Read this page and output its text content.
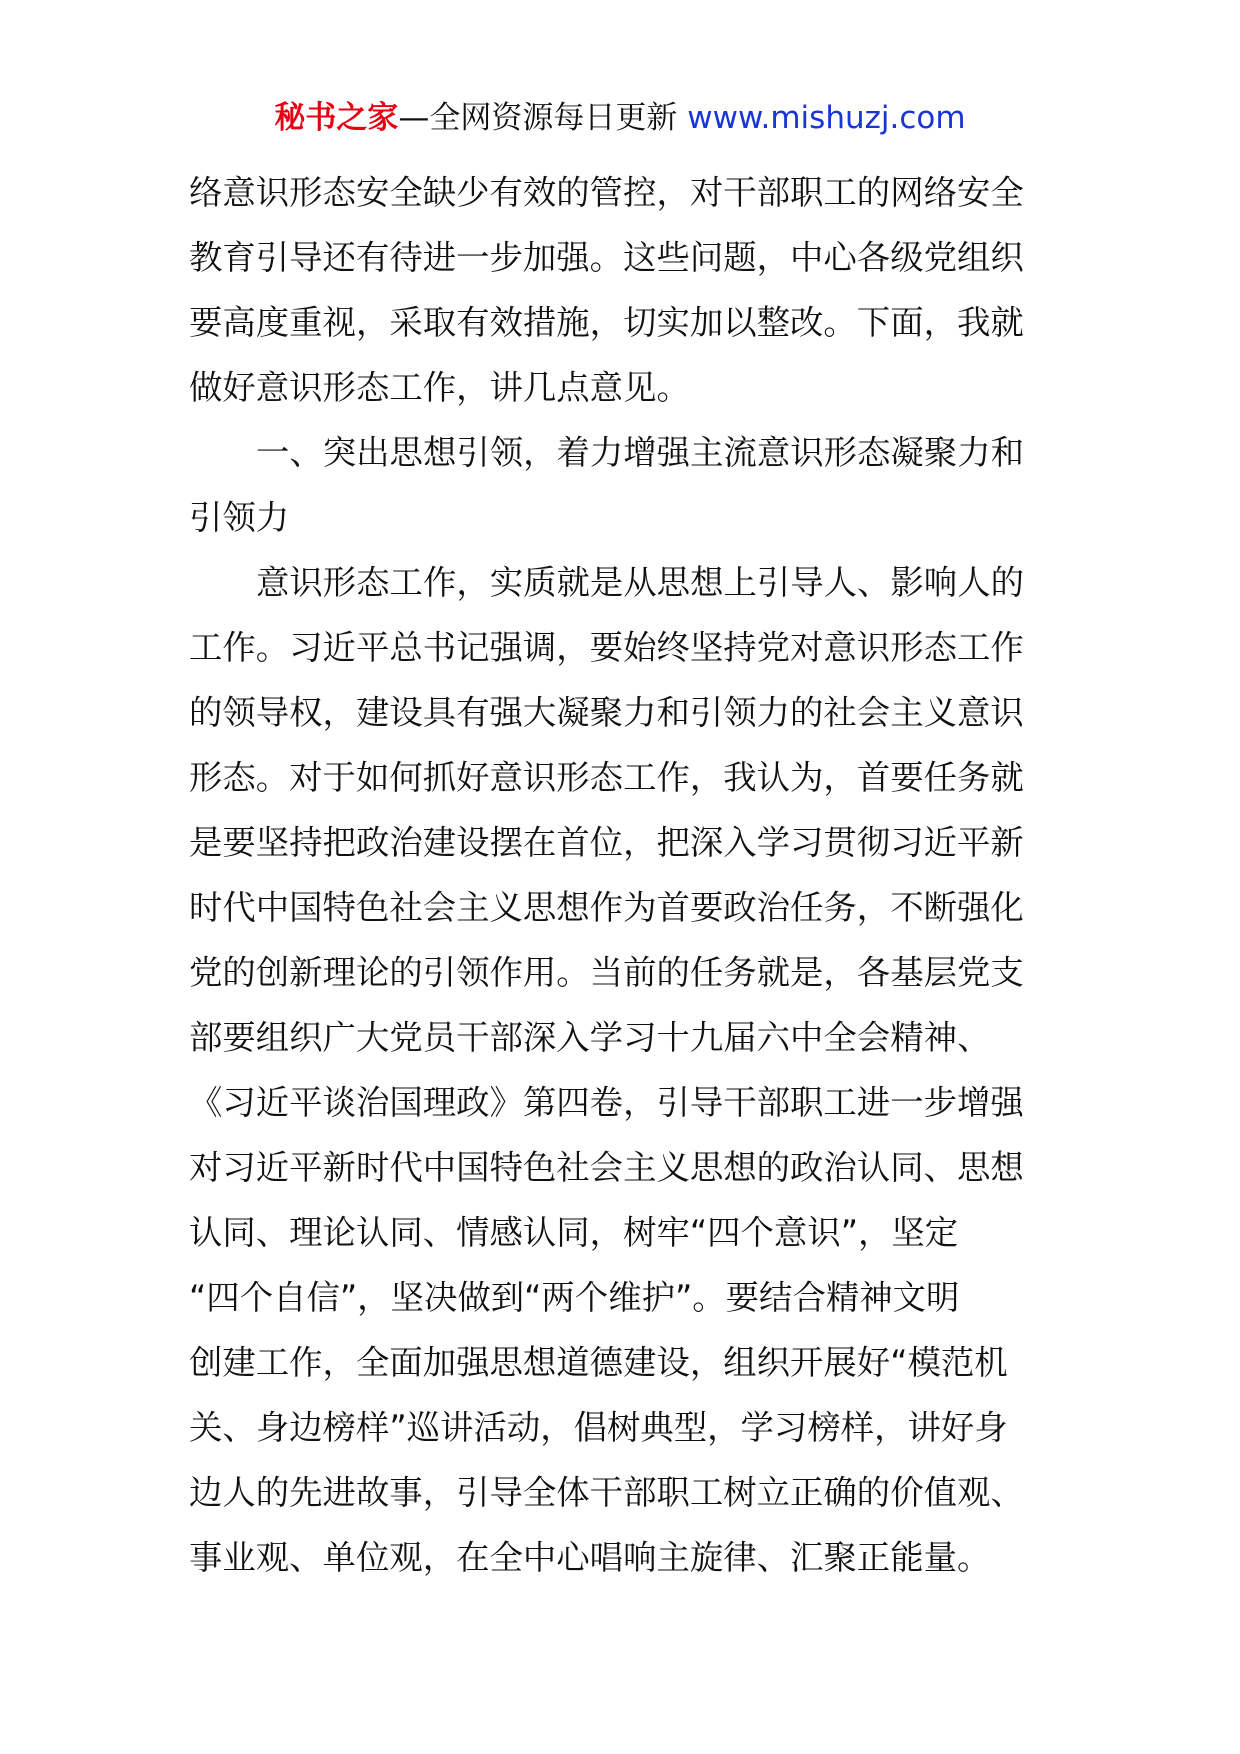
秘书之家—全网资源每日更新 www.mishuzj.com
络意识形态安全缺少有效的管控，对干部职工的网络安全
教育引导还有待进一步加强。这些问题，中心各级党组织
要高度重视，采取有效措施，切实加以整改。下面，我就
做好意识形态工作，讲几点意见。
一、突出思想引领，着力增强主流意识形态凝聚力和
引领力
意识形态工作，实质就是从思想上引导人、影响人的
工作。习近平总书记强调，要始终坚持党对意识形态工作
的领导权，建设具有强大凝聚力和引领力的社会主义意识
形态。对于如何抓好意识形态工作，我认为，首要任务就
是要坚持把政治建设摆在首位，把深入学习贯彻习近平新
时代中国特色社会主义思想作为首要政治任务，不断强化
党的创新理论的引领作用。当前的任务就是，各基层党支
部要组织广大党员干部深入学习十九届六中全会精神、
《习近平谈治国理政》第四卷，引导干部职工进一步增强
对习近平新时代中国特色社会主义思想的政治认同、思想
认同、理论认同、情感认同，树牢“四个意识”，坚定
“四个自信”，坚决做到“两个维护”。要结合精神文明
创建工作，全面加强思想道德建设，组织开展好“模范机
关、身边榜样”巡讲活动，倡树典型，学习榜样，讲好身
边人的先进故事，引导全体干部职工树立正确的价值观、
事业观、单位观，在全中心唱响主旋律、汇聚正能量。
